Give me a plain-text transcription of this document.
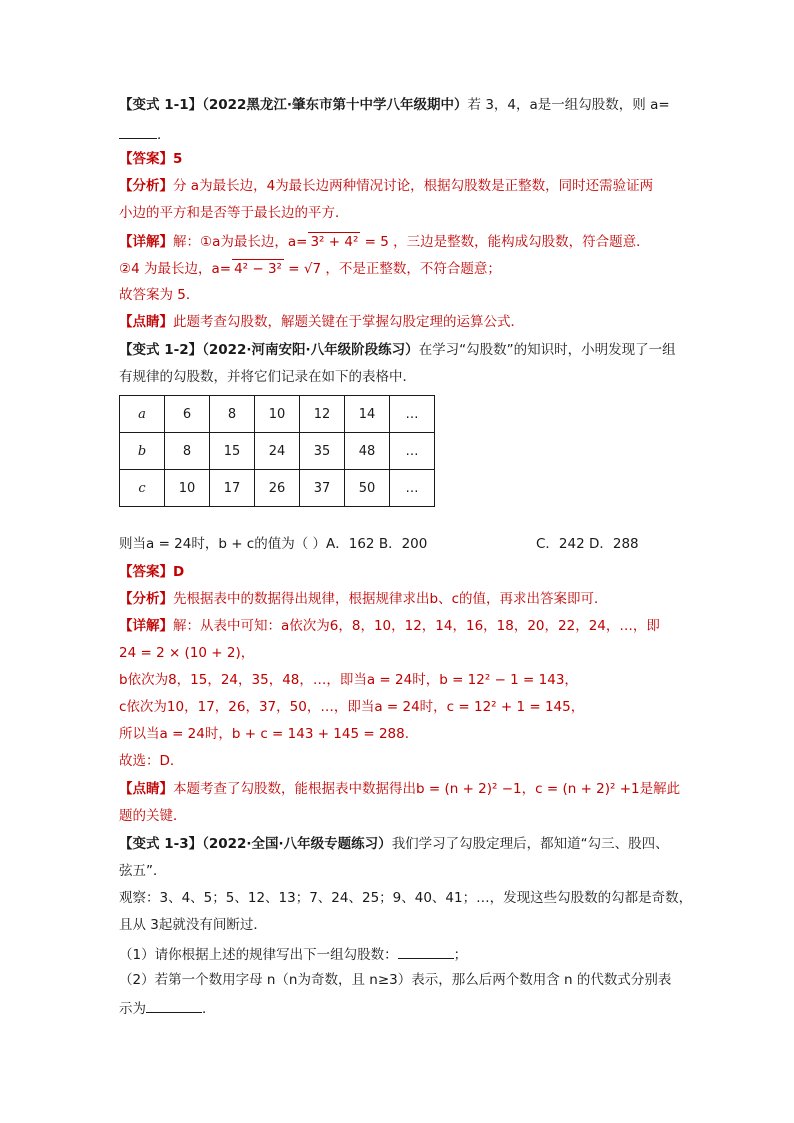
【变式 1-1】（2022黑龙江·肇东市第十中学八年级期中）若 3，4，a是一组勾股数，则 a=
．
【答案】5
【分析】分 a为最长边，4为最长边两种情况讨论，根据勾股数是正整数，同时还需验证两
小边的平方和是否等于最长边的平方．
【详解】解：①a为最长边，a= 3² + 4² = 5 ，三边是整数，能构成勾股数，符合题意．
②4 为最长边，a= 4² − 3² = √7 ，不是正整数，不符合题意；
故答案为 5．
【点睛】此题考查勾股数，解题关键在于掌握勾股定理的运算公式．
【变式 1-2】（2022·河南安阳·八年级阶段练习）在学习“勾股数”的知识时，小明发现了一组
有规律的勾股数，并将它们记录在如下的表格中．
a	6	8	10	12	14	…
b	8	15	24	35	48	…
c	10	17	26	37	50	…
则当a = 24时，b + c的值为（ ）A．162 B．200	C．242 D．288
【答案】D
【分析】先根据表中的数据得出规律，根据规律求出b、c的值，再求出答案即可．
【详解】解：从表中可知：a依次为6，8，10，12，14，16，18，20，22，24，…，即
24 = 2 × (10 + 2)，
b依次为8，15，24，35，48，…，即当a = 24时，b = 12² − 1 = 143，
c依次为10，17，26，37，50，…，即当a = 24时，c = 12² + 1 = 145，
所以当a = 24时，b + c = 143 + 145 = 288.
故选：D．
【点睛】本题考查了勾股数，能根据表中数据得出b = (n + 2)² −1，c = (n + 2)² +1是解此
题的关键．
【变式 1-3】（2022·全国·八年级专题练习）我们学习了勾股定理后，都知道“勾三、股四、
弦五”．
观察：3、4、5；5、12、13；7、24、25；9、40、41；…，发现这些勾股数的勾都是奇数，
且从 3起就没有间断过．
（1）请你根据上述的规律写出下一组勾股数：	；
（2）若第一个数用字母 n（n为奇数，且 n≥3）表示，那么后两个数用含 n 的代数式分别表
示为	．
